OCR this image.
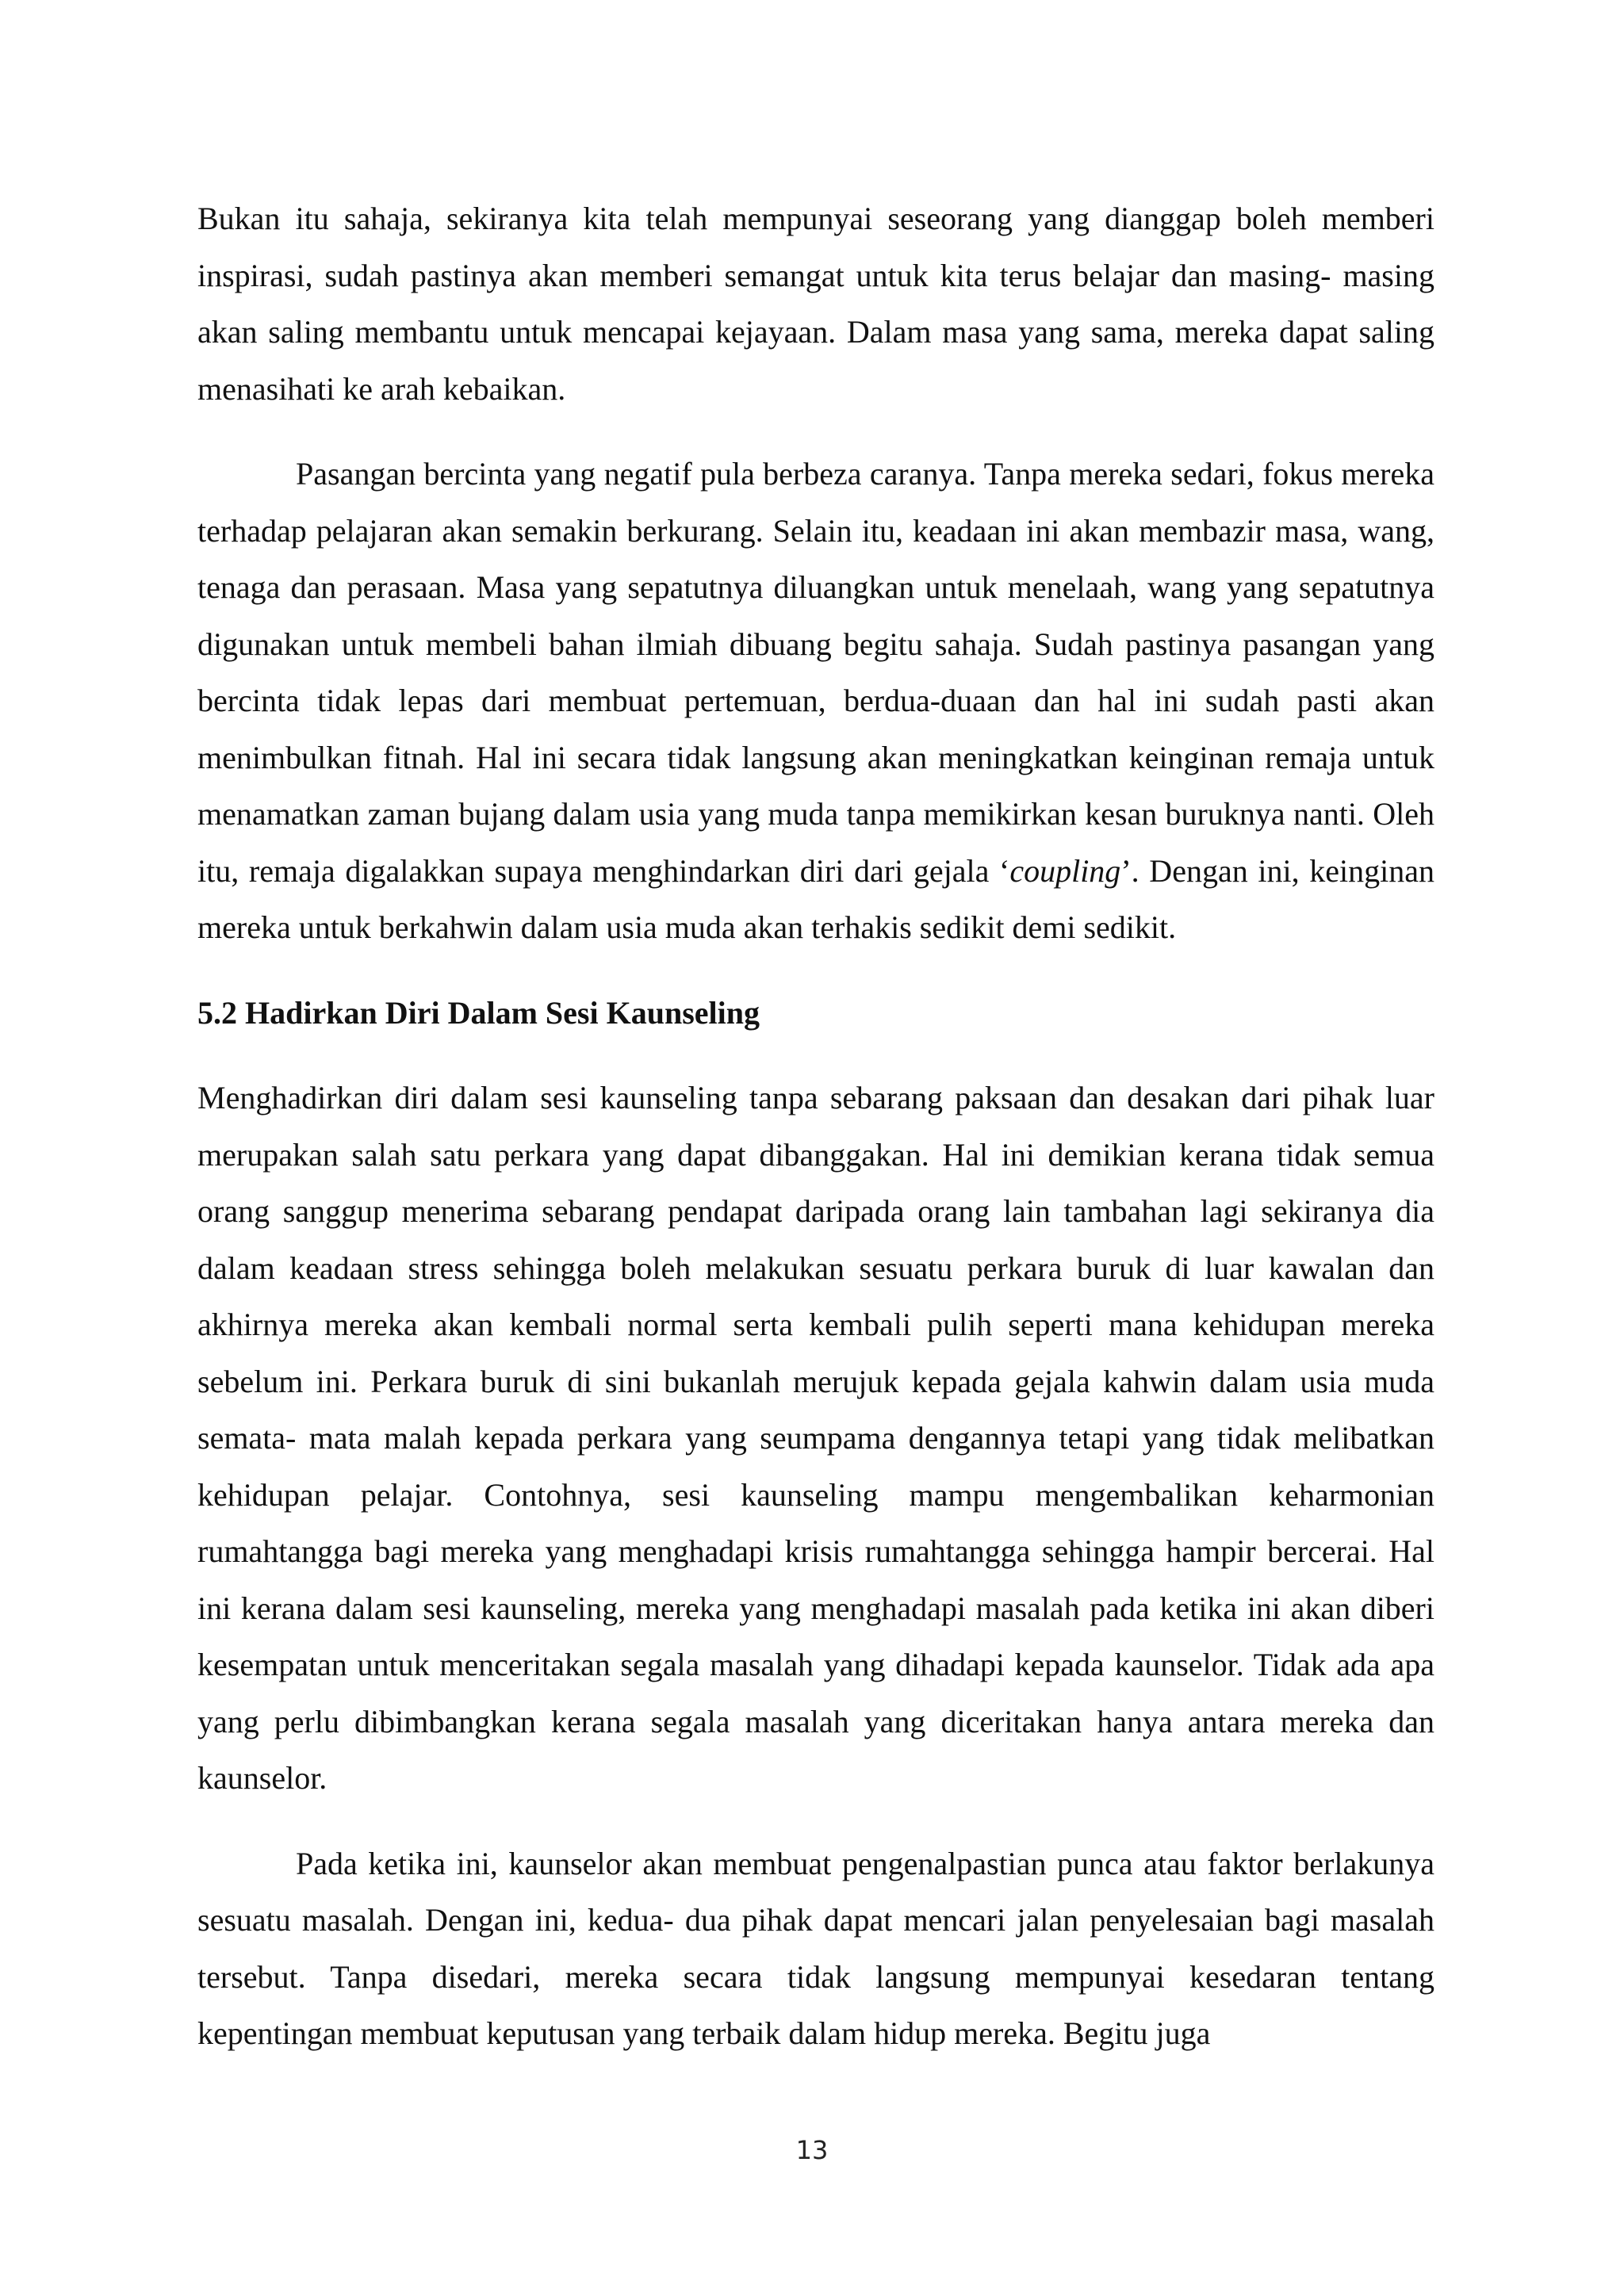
Bukan itu sahaja, sekiranya kita telah mempunyai seseorang yang dianggap boleh memberi inspirasi, sudah pastinya akan memberi semangat untuk kita terus belajar dan masing- masing akan saling membantu untuk mencapai kejayaan. Dalam masa yang sama, mereka dapat saling menasihati ke arah kebaikan.

Pasangan bercinta yang negatif pula berbeza caranya. Tanpa mereka sedari, fokus mereka terhadap pelajaran akan semakin berkurang. Selain itu, keadaan ini akan membazir masa, wang, tenaga dan perasaan. Masa yang sepatutnya diluangkan untuk menelaah, wang yang sepatutnya digunakan untuk membeli bahan ilmiah dibuang begitu sahaja. Sudah pastinya pasangan yang bercinta tidak lepas dari membuat pertemuan, berdua-duaan dan hal ini sudah pasti akan menimbulkan fitnah. Hal ini secara tidak langsung akan meningkatkan keinginan remaja untuk menamatkan zaman bujang dalam usia yang muda tanpa memikirkan kesan buruknya nanti. Oleh itu, remaja digalakkan supaya menghindarkan diri dari gejala ‘coupling’. Dengan ini, keinginan mereka untuk berkahwin dalam usia muda akan terhakis sedikit demi sedikit.

5.2 Hadirkan Diri Dalam Sesi Kaunseling

Menghadirkan diri dalam sesi kaunseling tanpa sebarang paksaan dan desakan dari pihak luar merupakan salah satu perkara yang dapat dibanggakan. Hal ini demikian kerana tidak semua orang sanggup menerima sebarang pendapat daripada orang lain tambahan lagi sekiranya dia dalam keadaan stress sehingga boleh melakukan sesuatu perkara buruk di luar kawalan dan akhirnya mereka akan kembali normal serta kembali pulih seperti mana kehidupan mereka sebelum ini. Perkara buruk di sini bukanlah merujuk kepada gejala kahwin dalam usia muda semata- mata malah kepada perkara yang seumpama dengannya tetapi yang tidak melibatkan kehidupan pelajar. Contohnya, sesi kaunseling mampu mengembalikan keharmonian rumahtangga bagi mereka yang menghadapi krisis rumahtangga sehingga hampir bercerai. Hal ini kerana dalam sesi kaunseling, mereka yang menghadapi masalah pada ketika ini akan diberi kesempatan untuk menceritakan segala masalah yang dihadapi kepada kaunselor. Tidak ada apa yang perlu dibimbangkan kerana segala masalah yang diceritakan hanya antara mereka dan kaunselor.

Pada ketika ini, kaunselor akan membuat pengenalpastian punca atau faktor berlakunya sesuatu masalah. Dengan ini, kedua- dua pihak dapat mencari jalan penyelesaian bagi masalah tersebut. Tanpa disedari, mereka secara tidak langsung mempunyai kesedaran tentang kepentingan membuat keputusan yang terbaik dalam hidup mereka. Begitu juga

13
